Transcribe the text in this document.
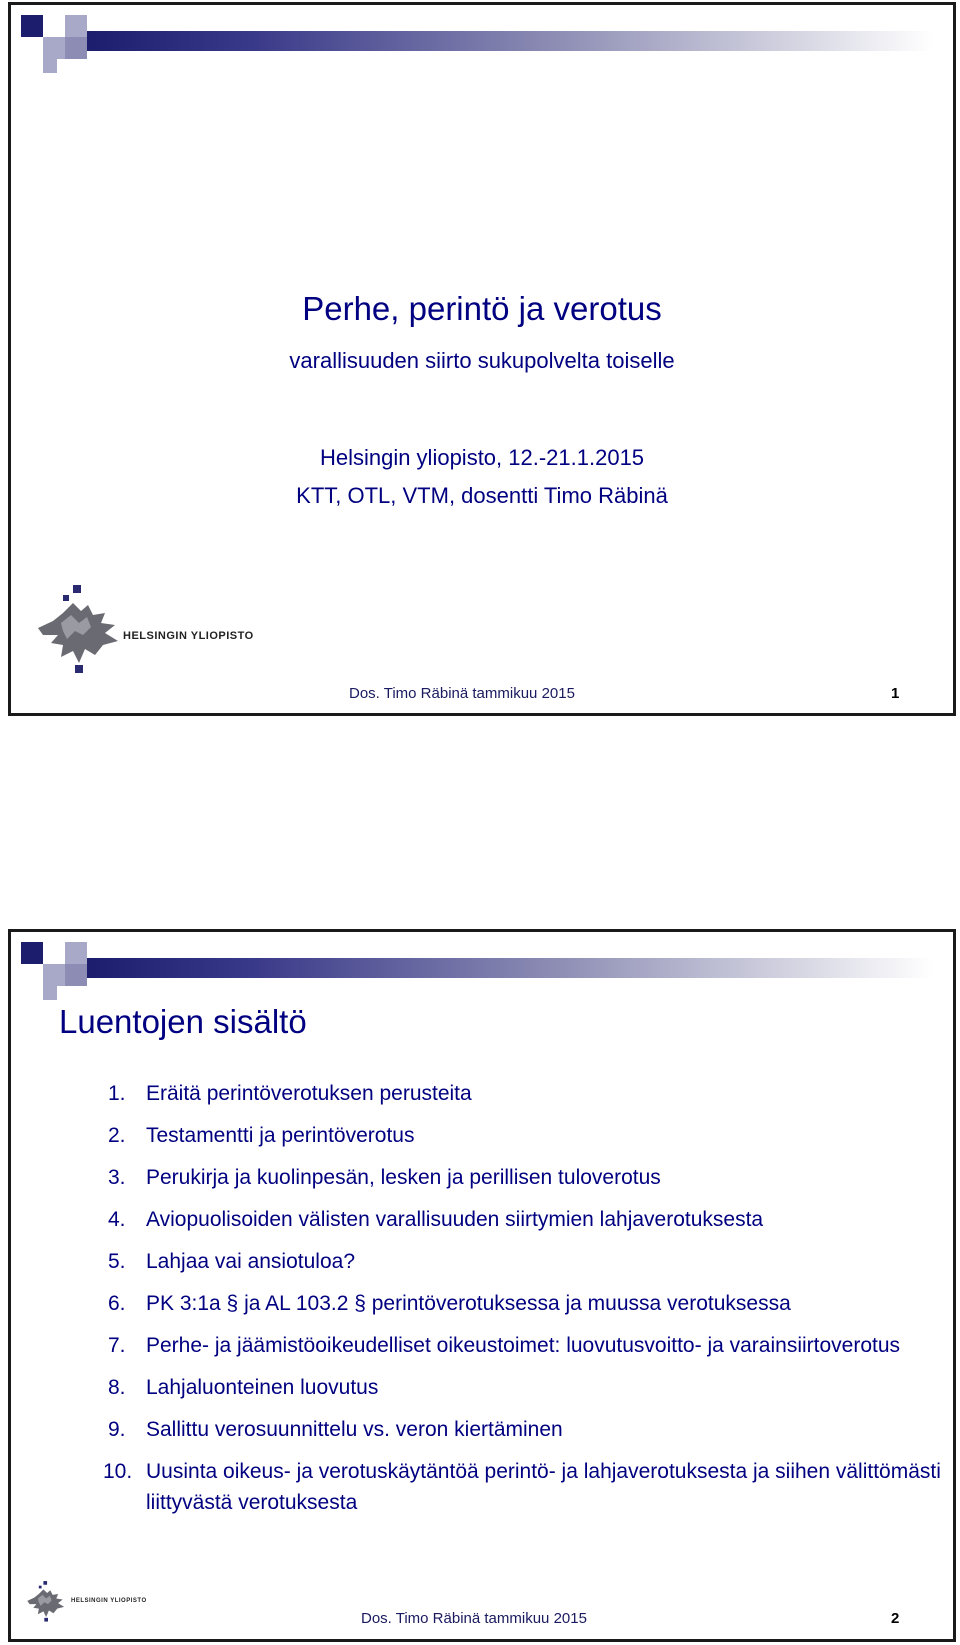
Perhe, perintö ja verotus
varallisuuden siirto sukupolvelta toiselle
Helsingin yliopisto, 12.-21.1.2015
KTT, OTL, VTM, dosentti Timo Räbinä
HELSINGIN YLIOPISTO
Dos. Timo Räbinä tammikuu 2015	1
Luentojen sisältö
1. Eräitä perintöverotuksen perusteita
2. Testamentti ja perintöverotus
3. Perukirja ja kuolinpesän, lesken ja perillisen tuloverotus
4. Aviopuolisoiden välisten varallisuuden siirtymien lahjaverotuksesta
5. Lahjaa vai ansiotuloa?
6. PK 3:1a § ja AL 103.2 § perintöverotuksessa ja muussa verotuksessa
7. Perhe- ja jäämistöoikeudelliset oikeustoimet: luovutusvoitto- ja varainsiirtoverotus
8. Lahjaluonteinen luovutus
9. Sallittu verosuunnittelu vs. veron kiertäminen
10. Uusinta oikeus- ja verotuskäytäntöä perintö- ja lahjaverotuksesta ja siihen välittömästi liittyvästä verotuksesta
HELSINGIN YLIOPISTO
Dos. Timo Räbinä tammikuu 2015	2
